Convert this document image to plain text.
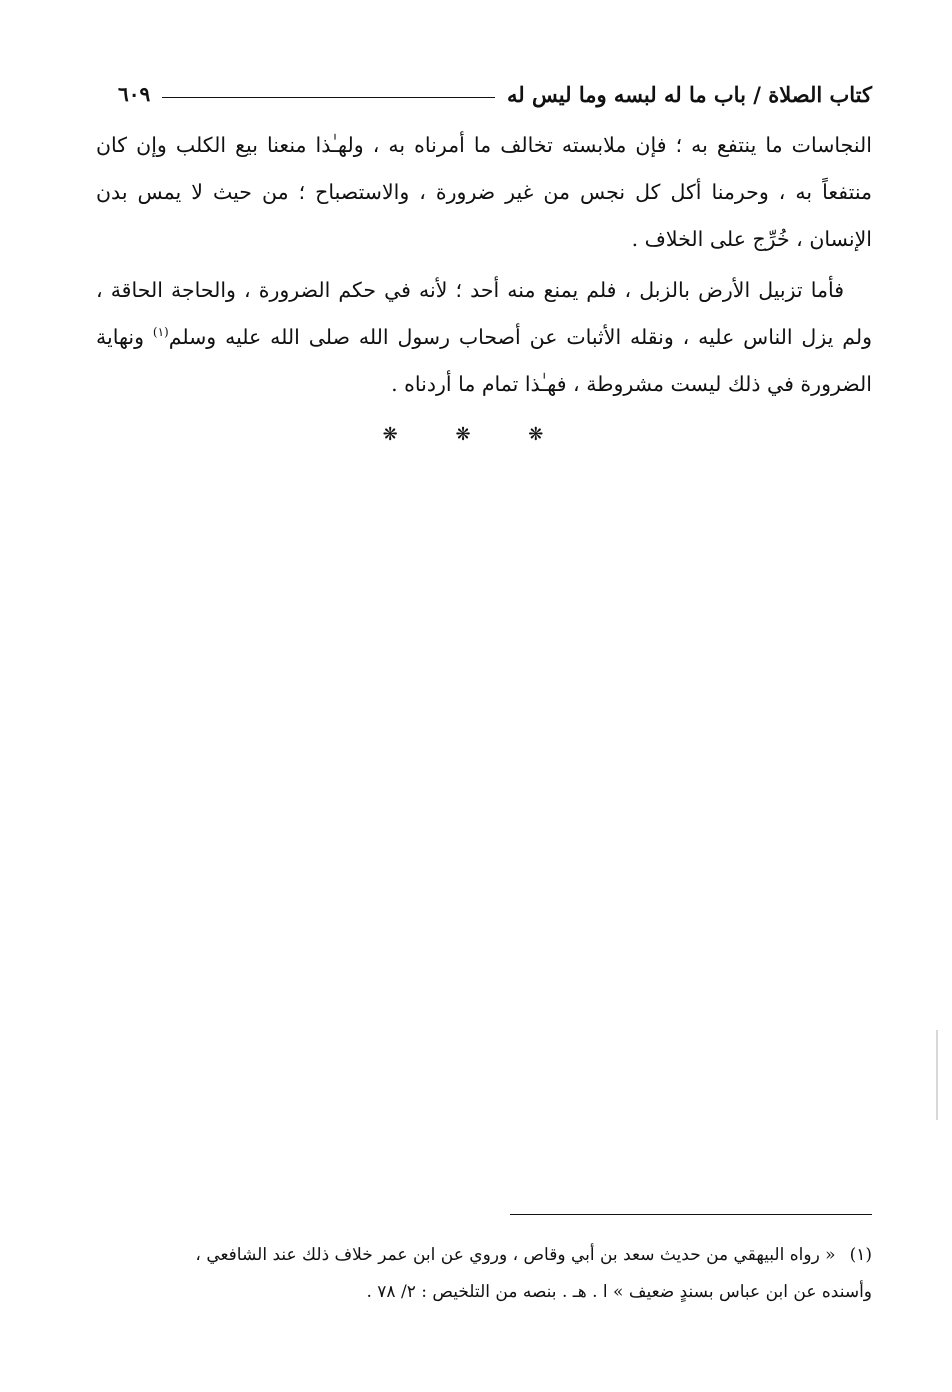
كتاب الصلاة / باب ما له لبسه وما ليس له
٦٠٩

النجاسات ما ينتفع به ؛ فإن ملابسته تخالف ما أمرناه به ، ولهـٰذا منعنا بيع الكلب وإن كان منتفعاً به ، وحرمنا أكل كل نجس من غير ضرورة ، والاستصباح ؛ من حيث لا يمس بدن الإنسان ، خُرِّج على الخلاف .

فأما تزبيل الأرض بالزبل ، فلم يمنع منه أحد ؛ لأنه في حكم الضرورة ، والحاجة الحاقة ، ولم يزل الناس عليه ، ونقله الأثبات عن أصحاب رسول الله صلى الله عليه وسلم$^{(١)}$ ونهاية الضرورة في ذلك ليست مشروطة ، فهـٰذا تمام ما أردناه .

❋ ❋ ❋

(١)« رواه البيهقي من حديث سعد بن أبي وقاص ، وروي عن ابن عمر خلاف ذلك عند الشافعي ،

وأسنده عن ابن عباس بسندٍ ضعيف » ا . هـ . بنصه من التلخيص : ٢/ ٧٨ .
